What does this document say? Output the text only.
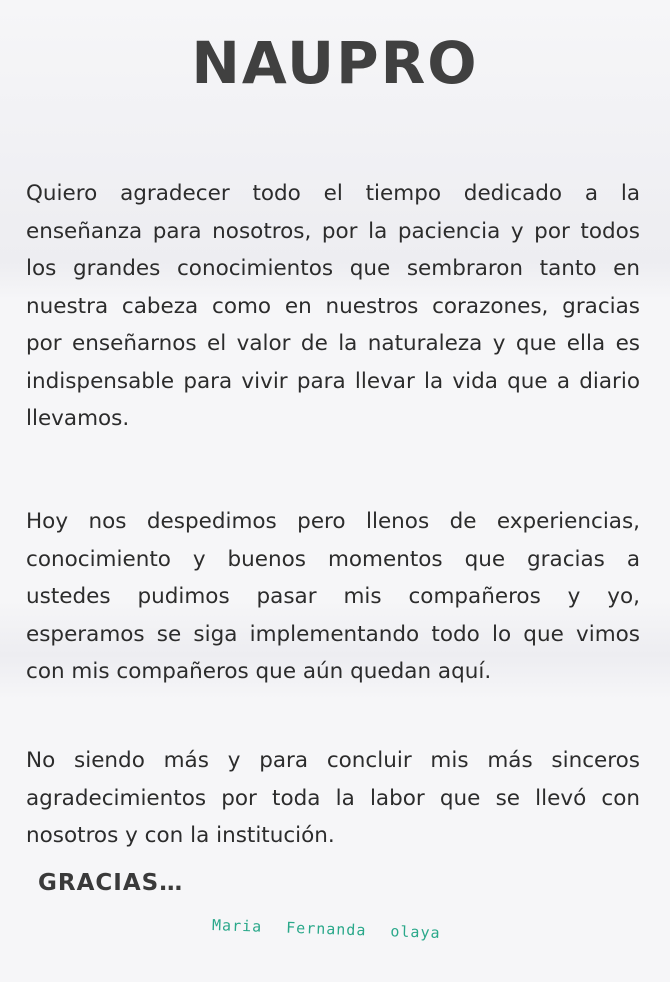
NAUPRO

Quiero agradecer todo el tiempo dedicado a la enseñanza para nosotros, por la paciencia y por todos los grandes conocimientos que sembraron tanto en nuestra cabeza como en nuestros corazones, gracias por enseñarnos el valor de la naturaleza y que ella es indispensable para vivir para llevar la vida que a diario llevamos.

Hoy nos despedimos pero llenos de experiencias, conocimiento y buenos momentos que gracias a ustedes pudimos pasar mis compañeros y yo, esperamos se siga implementando todo lo que vimos con mis compañeros que aún quedan aquí.

No siendo más y para concluir mis más sinceros agradecimientos por toda la labor que se llevó con nosotros y con la institución.

GRACIAS…
Maria Fernanda olaya
